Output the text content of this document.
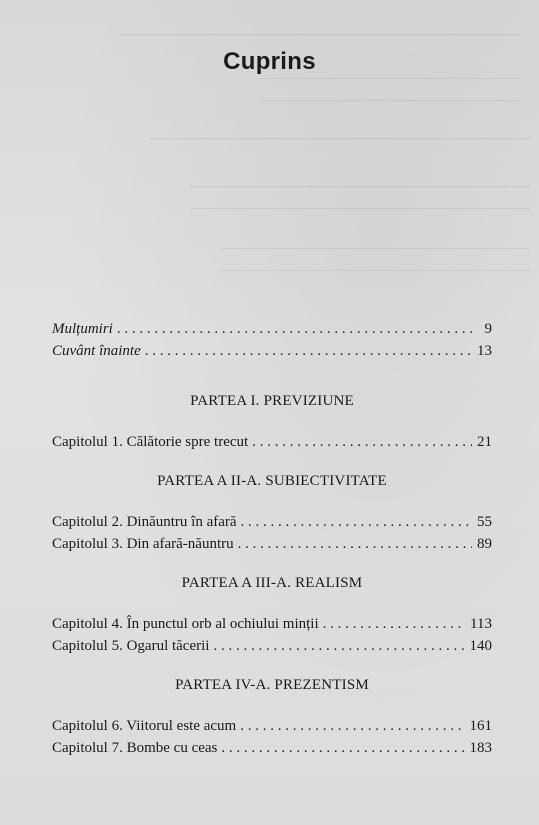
Cuprins
Mulțumiri . . .	9
Cuvânt înainte . . .	13
PARTEA I. PREVIZIUNE
Capitolul 1. Călătorie spre trecut . . .	21
PARTEA A II-A. SUBIECTIVITATE
Capitolul 2. Dinăuntru în afară . . .	55
Capitolul 3. Din afară-năuntru . . .	89
PARTEA A III-A. REALISM
Capitolul 4. În punctul orb al ochiului minții . . .	113
Capitolul 5. Ogarul tăcerii . . .	140
PARTEA IV-A. PREZENTISM
Capitolul 6. Viitorul este acum . . .	161
Capitolul 7. Bombe cu ceas . . .	183
